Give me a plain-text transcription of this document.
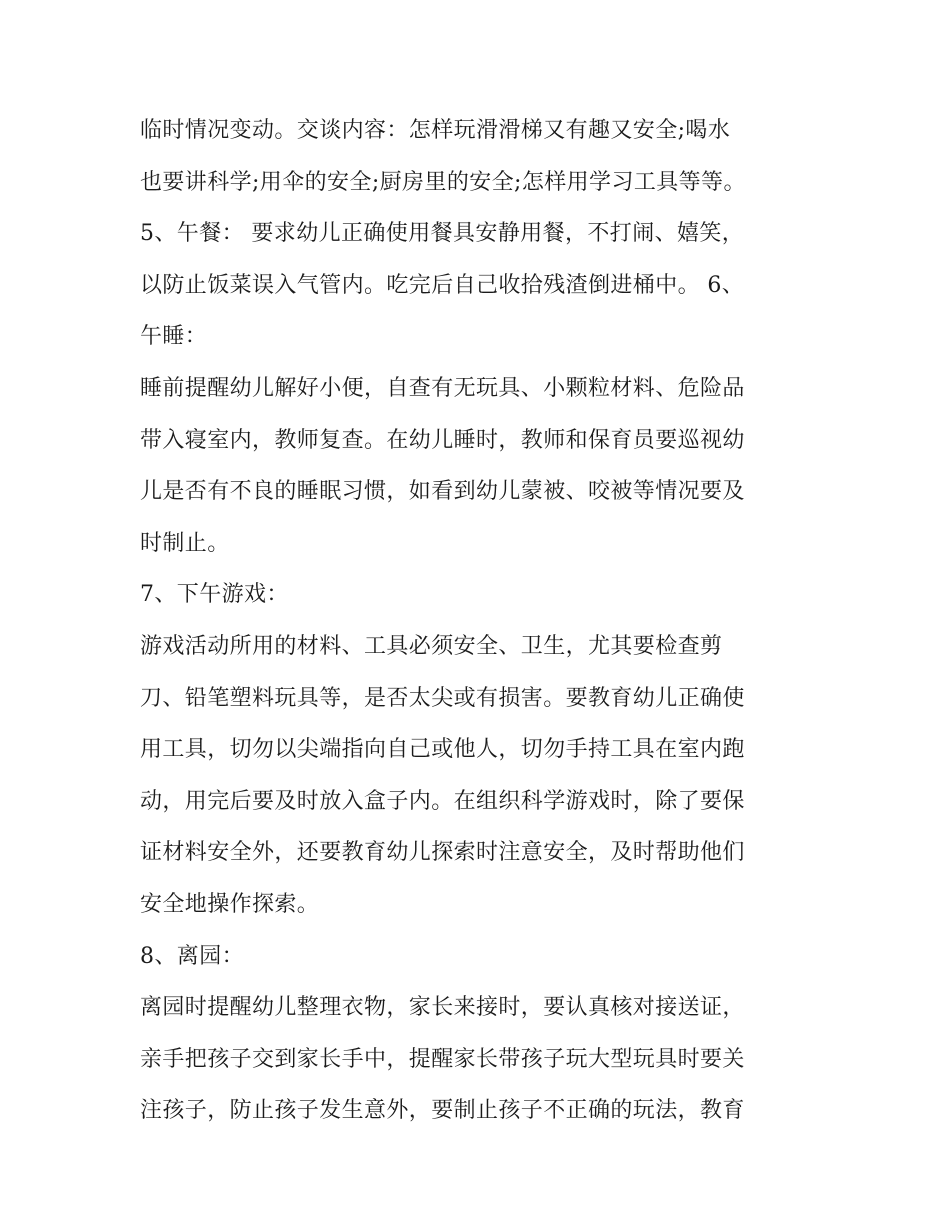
临时情况变动。交谈内容：怎样玩滑滑梯又有趣又安全;喝水
也要讲科学;用伞的安全;厨房里的安全;怎样用学习工具等等。
5、午餐： 要求幼儿正确使用餐具安静用餐，不打闹、嬉笑，
以防止饭菜误入气管内。吃完后自己收拾残渣倒进桶中。 6、
午睡：
睡前提醒幼儿解好小便，自查有无玩具、小颗粒材料、危险品
带入寝室内，教师复查。在幼儿睡时，教师和保育员要巡视幼
儿是否有不良的睡眠习惯，如看到幼儿蒙被、咬被等情况要及
时制止。
7、下午游戏：
游戏活动所用的材料、工具必须安全、卫生，尤其要检查剪
刀、铅笔塑料玩具等，是否太尖或有损害。要教育幼儿正确使
用工具，切勿以尖端指向自己或他人，切勿手持工具在室内跑
动，用完后要及时放入盒子内。在组织科学游戏时，除了要保
证材料安全外，还要教育幼儿探索时注意安全，及时帮助他们
安全地操作探索。
8、离园：
离园时提醒幼儿整理衣物，家长来接时，要认真核对接送证，
亲手把孩子交到家长手中，提醒家长带孩子玩大型玩具时要关
注孩子，防止孩子发生意外，要制止孩子不正确的玩法，教育
